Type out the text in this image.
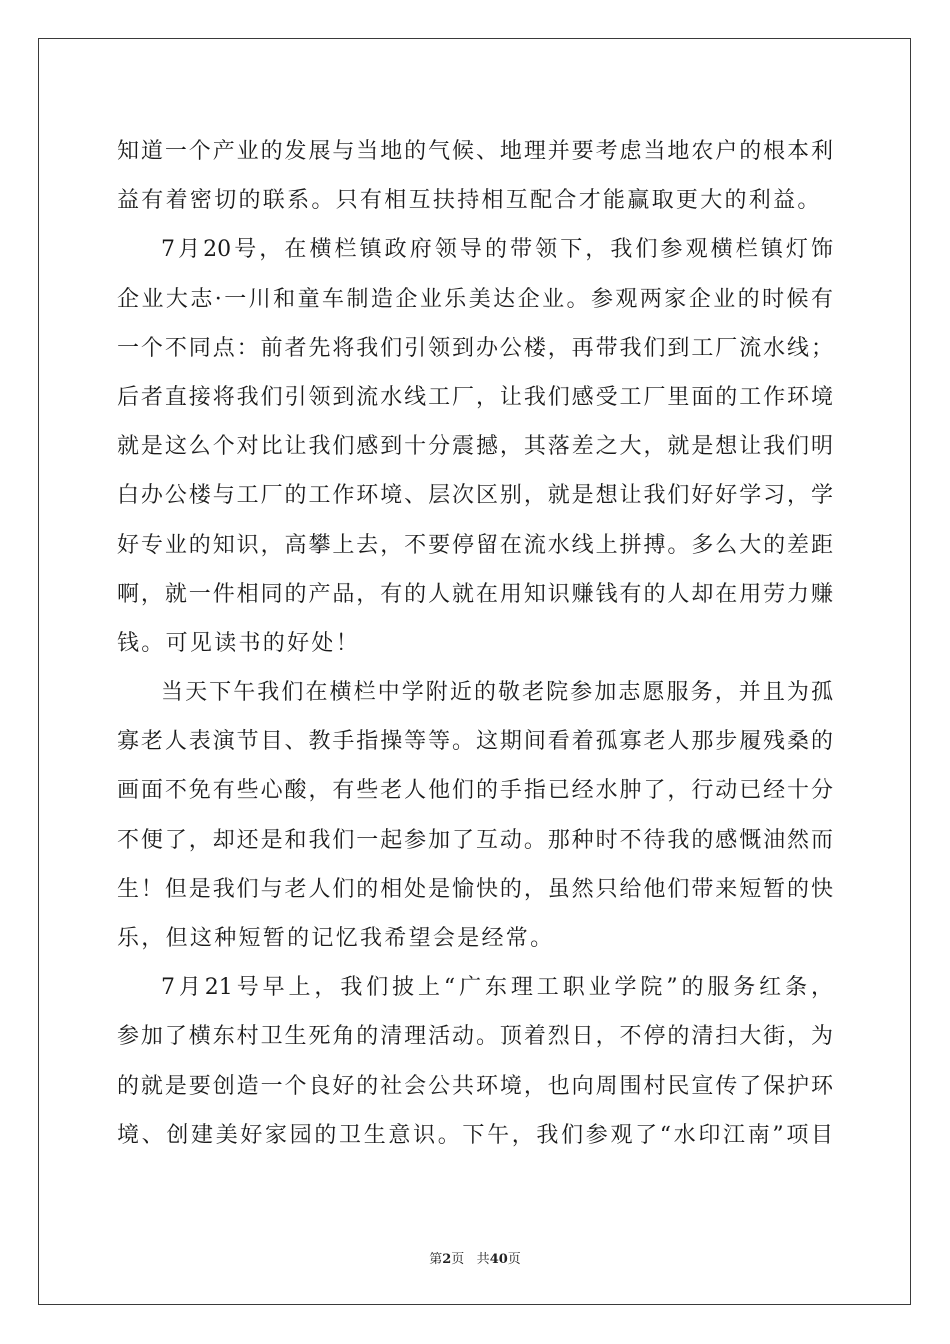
知道一个产业的发展与当地的气候、地理并要考虑当地农户的根本利
益有着密切的联系。只有相互扶持相互配合才能赢取更大的利益。
7月20号，在横栏镇政府领导的带领下，我们参观横栏镇灯饰
企业大志·一川和童车制造企业乐美达企业。参观两家企业的时候有
一个不同点：前者先将我们引领到办公楼，再带我们到工厂流水线；
后者直接将我们引领到流水线工厂，让我们感受工厂里面的工作环境
就是这么个对比让我们感到十分震撼，其落差之大，就是想让我们明
白办公楼与工厂的工作环境、层次区别，就是想让我们好好学习，学
好专业的知识，高攀上去，不要停留在流水线上拼搏。多么大的差距
啊，就一件相同的产品，有的人就在用知识赚钱有的人却在用劳力赚
钱。可见读书的好处！
当天下午我们在横栏中学附近的敬老院参加志愿服务，并且为孤
寡老人表演节目、教手指操等等。这期间看着孤寡老人那步履残桑的
画面不免有些心酸，有些老人他们的手指已经水肿了，行动已经十分
不便了，却还是和我们一起参加了互动。那种时不待我的感慨油然而
生！但是我们与老人们的相处是愉快的，虽然只给他们带来短暂的快
乐，但这种短暂的记忆我希望会是经常。
7月21号早上，我们披上“广东理工职业学院”的服务红条，
参加了横东村卫生死角的清理活动。顶着烈日，不停的清扫大街，为
的就是要创造一个良好的社会公共环境，也向周围村民宣传了保护环
境、创建美好家园的卫生意识。下午，我们参观了“水印江南”项目
第2页 共40页
